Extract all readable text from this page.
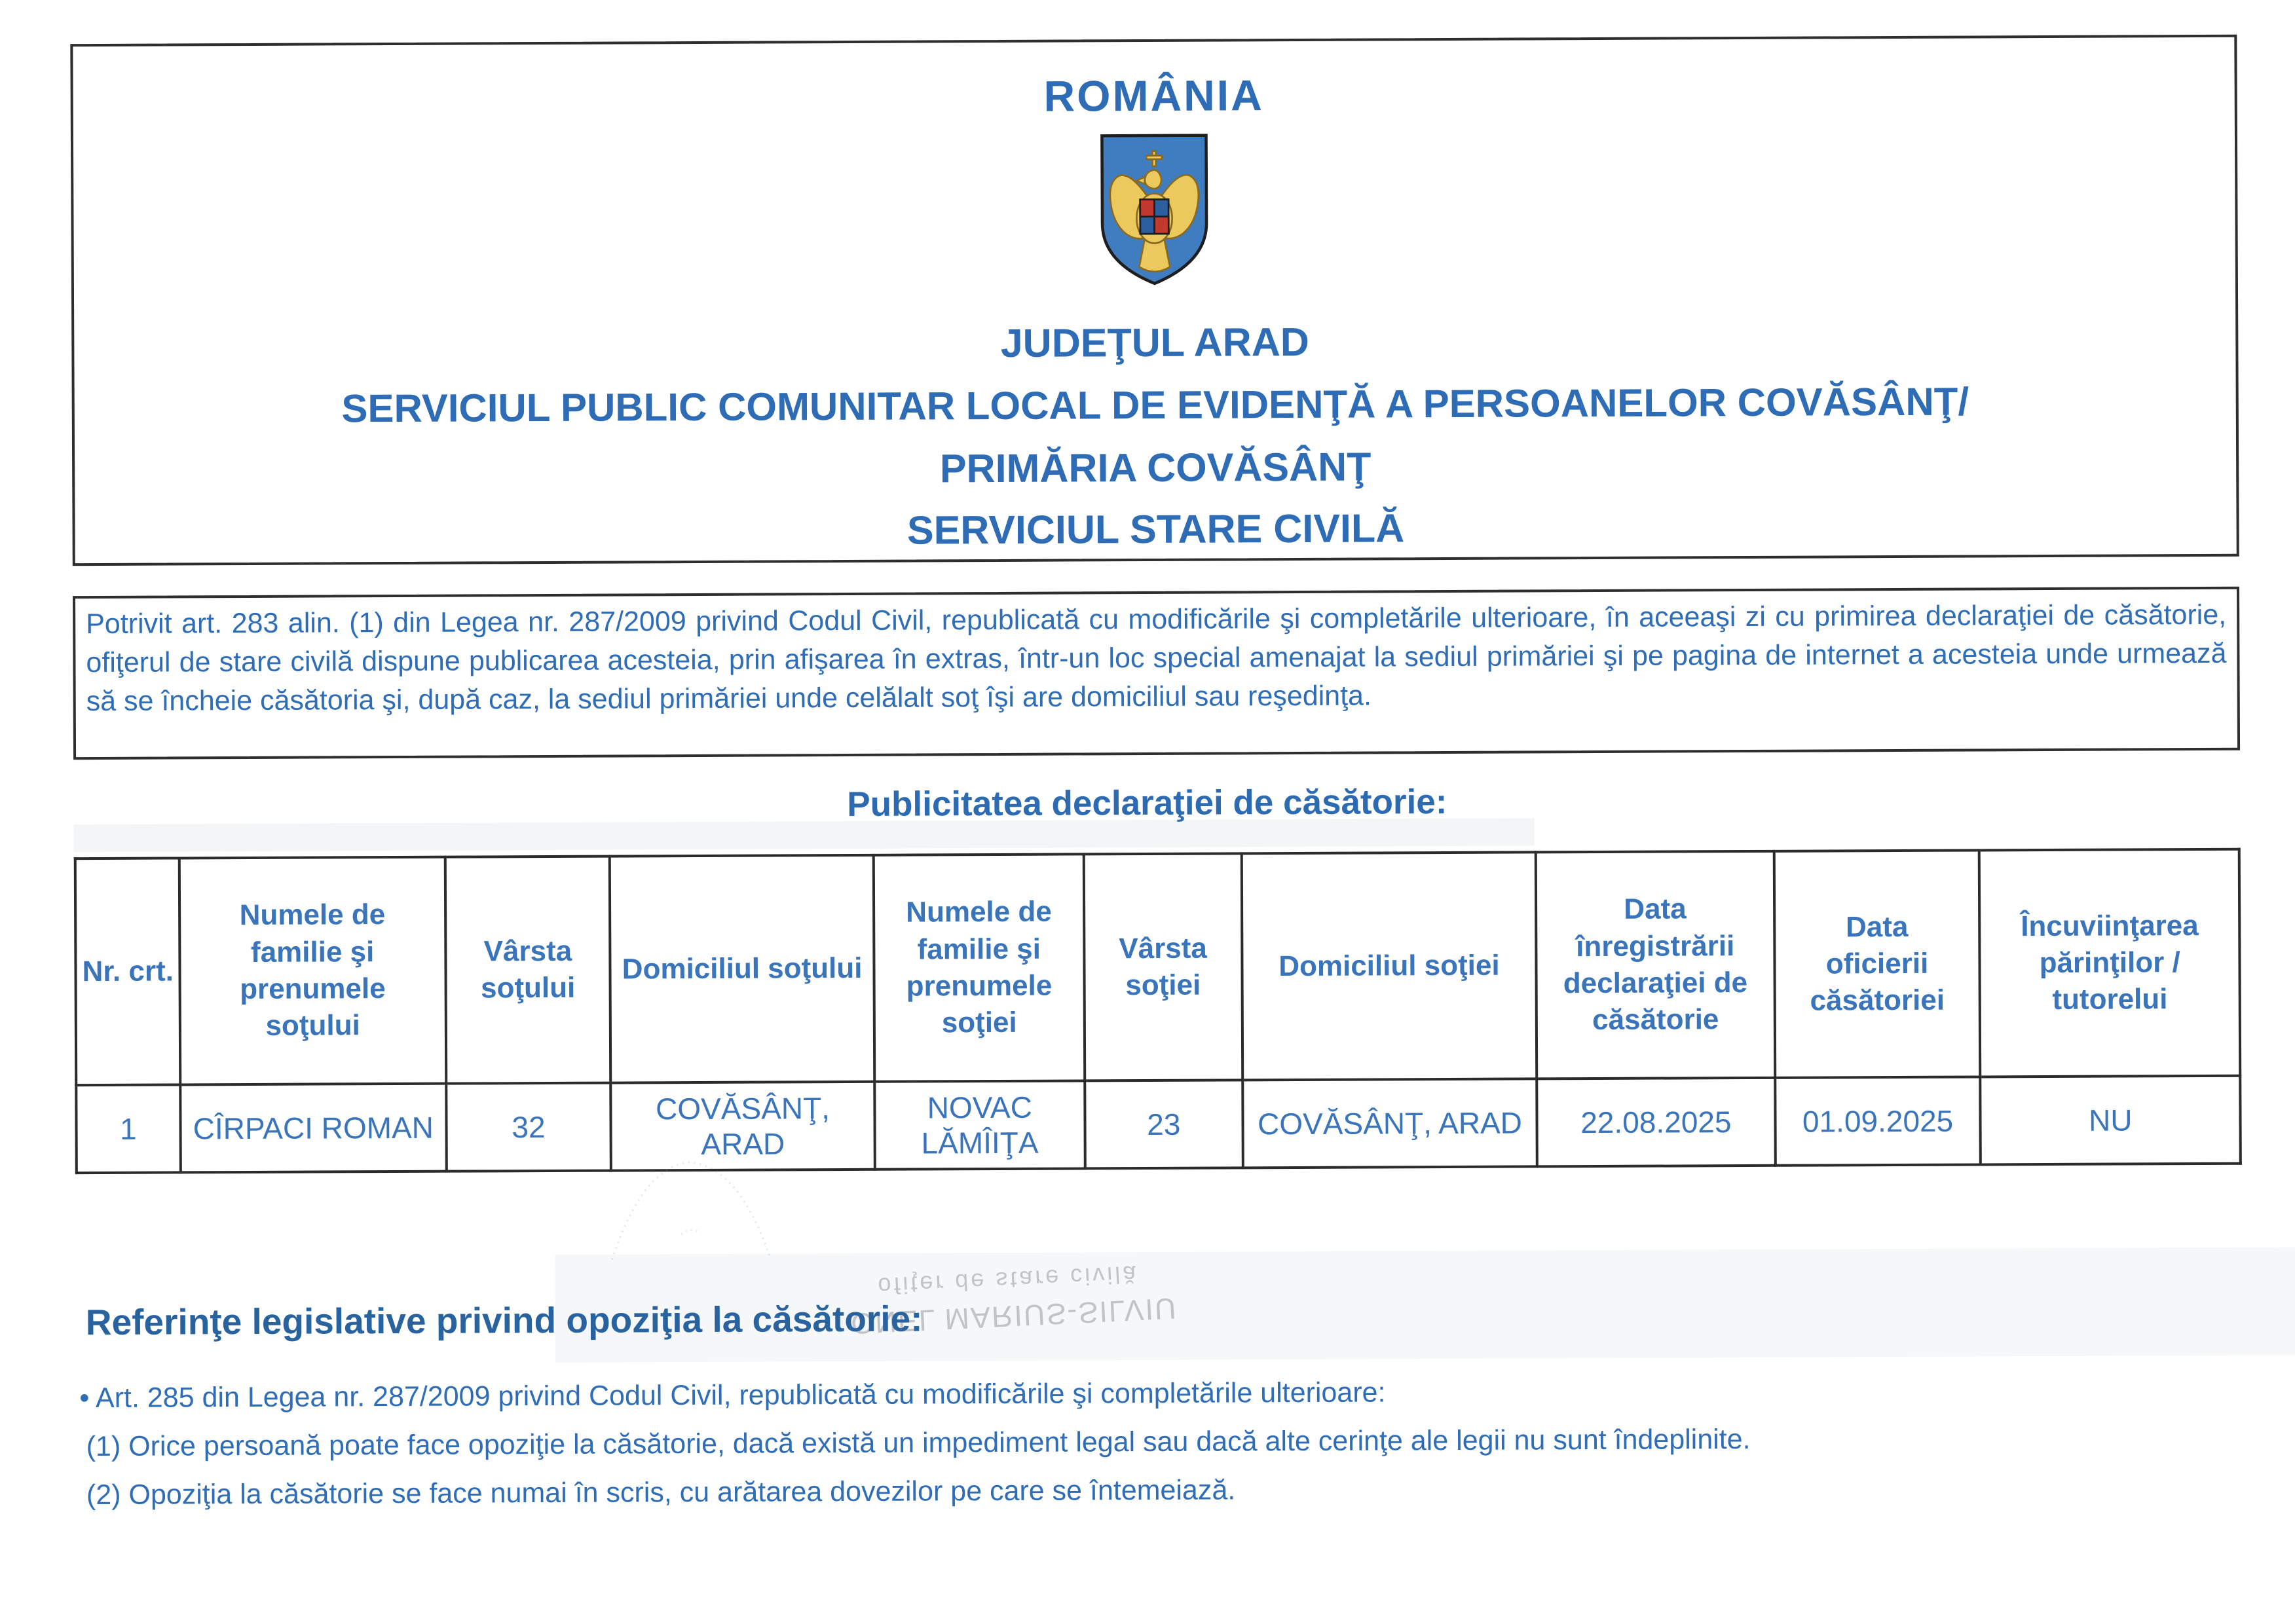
ROMÂNIA
JUDEŢUL ARAD
SERVICIUL PUBLIC COMUNITAR LOCAL DE EVIDENŢĂ A PERSOANELOR COVĂSÂNŢ/
PRIMĂRIA COVĂSÂNŢ
SERVICIUL STARE CIVILĂ
Potrivit art. 283 alin. (1) din Legea nr. 287/2009 privind Codul Civil, republicată cu modificările şi completările ulterioare, în aceeaşi zi cu primirea declaraţiei de căsătorie, ofiţerul de stare civilă dispune publicarea acesteia, prin afişarea în extras, într-un loc special amenajat la sediul primăriei şi pe pagina de internet a acesteia unde urmează să se încheie căsătoria şi, după caz, la sediul primăriei unde celălalt soţ îşi are domiciliul sau reşedinţa.
Publicitatea declaraţiei de căsătorie:
Nr. crt.	Numele de familie şi prenumele soţului	Vârsta soţului	Domiciliul soţului	Numele de familie şi prenumele soţiei	Vârsta soţiei	Domiciliul soţiei	Data înregistrării declaraţiei de căsătorie	Data oficierii căsătoriei	Încuviinţarea părinţilor / tutorelui
1	CÎRPACI ROMAN	32	COVĂSÂNŢ, ARAD	NOVAC LĂMÎIŢA	23	COVĂSÂNŢ, ARAD	22.08.2025	01.09.2025	NU
ofiţer de stare civilă
ONEL MARIUS-SILVIU
Referinţe legislative privind opoziţia la căsătorie:
• Art. 285 din Legea nr. 287/2009 privind Codul Civil, republicată cu modificările şi completările ulterioare:
(1) Orice persoană poate face opoziţie la căsătorie, dacă există un impediment legal sau dacă alte cerinţe ale legii nu sunt îndeplinite.
(2) Opoziţia la căsătorie se face numai în scris, cu arătarea dovezilor pe care se întemeiază.
